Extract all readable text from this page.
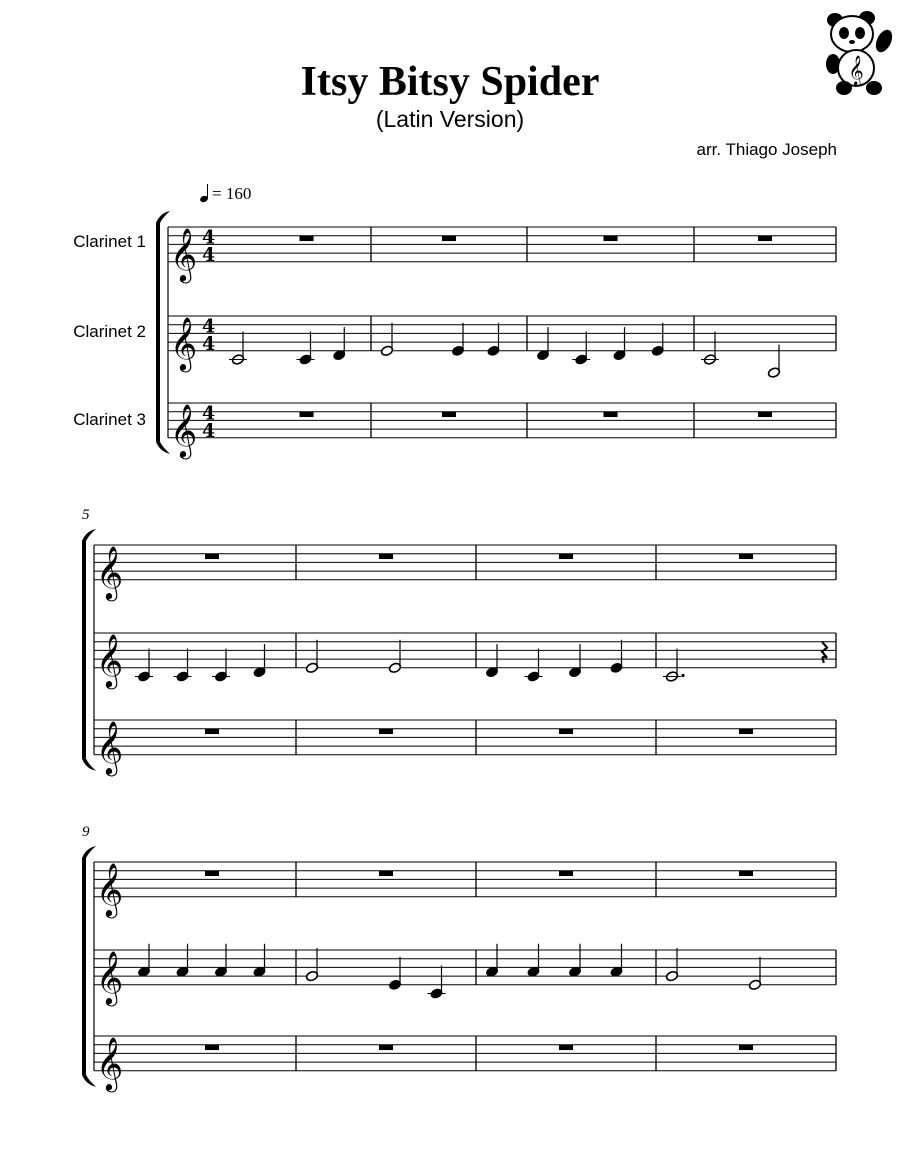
Itsy Bitsy Spider
(Latin Version)
arr. Thiago Joseph
𝄞
= 160
Clarinet 1
Clarinet 2
Clarinet 3
5
9
𝄞 4
4
𝄞 4
4
𝄞 4
4
𝄞
𝄞
𝄞
𝄞
𝄞
𝄞
